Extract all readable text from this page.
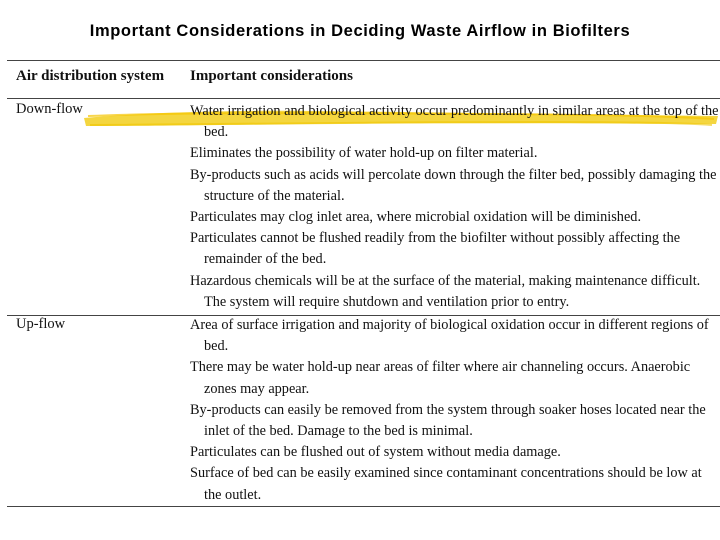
Important Considerations in Deciding Waste Airflow in Biofilters
Air distribution system Important considerations
Down-flow	Water irrigation and biological activity occur predominantly in similar areas at the top of the bed.
Eliminates the possibility of water hold-up on filter material.
By-products such as acids will percolate down through the filter bed, possibly damaging the structure of the material.
Particulates may clog inlet area, where microbial oxidation will be diminished.
Particulates cannot be flushed readily from the biofilter without possibly affecting the remainder of the bed.
Hazardous chemicals will be at the surface of the material, making maintenance difficult. The system will require shutdown and ventilation prior to entry.
Up-flow	Area of surface irrigation and majority of biological oxidation occur in different regions of bed.
There may be water hold-up near areas of filter where air channeling occurs. Anaerobic zones may appear.
By-products can easily be removed from the system through soaker hoses located near the inlet of the bed. Damage to the bed is minimal.
Particulates can be flushed out of system without media damage.
Surface of bed can be easily examined since contaminant concentrations should be low at the outlet.
